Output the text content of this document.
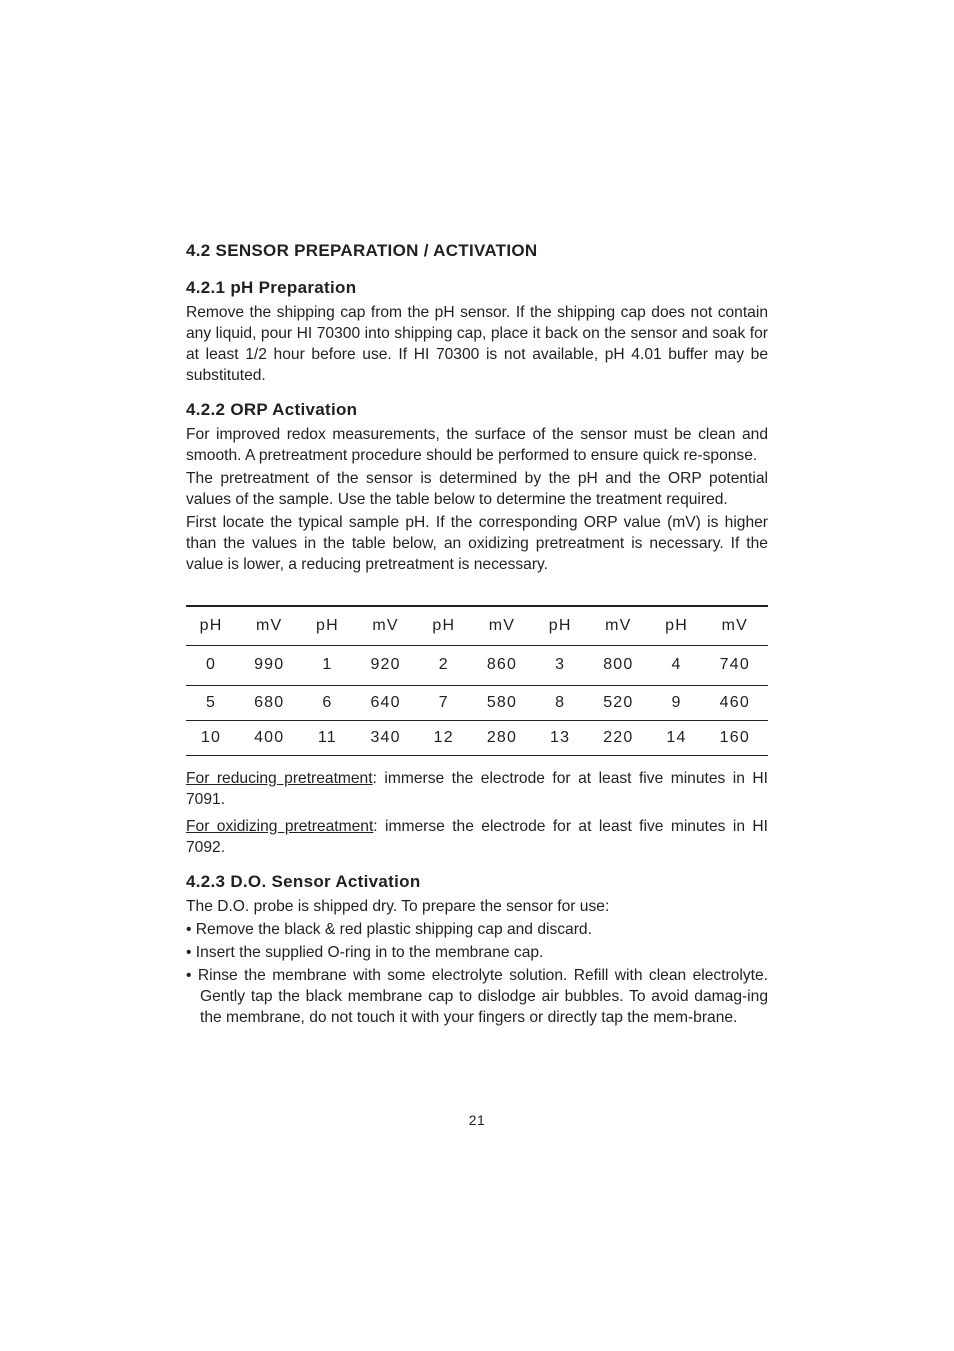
4.2 SENSOR PREPARATION / ACTIVATION
4.2.1 pH Preparation

Remove the shipping cap from the pH sensor. If the shipping cap does not contain any liquid, pour HI 70300 into shipping cap, place it back on the sensor and soak for at least 1/2 hour before use. If HI 70300 is not available, pH 4.01 buffer may be substituted.

4.2.2 ORP Activation

For improved redox measurements, the surface of the sensor must be clean and smooth. A pretreatment procedure should be performed to ensure quick re-sponse.

The pretreatment of the sensor is determined by the pH and the ORP potential values of the sample. Use the table below to determine the treatment required.

First locate the typical sample pH. If the corresponding ORP value (mV) is higher than the values in the table below, an oxidizing pretreatment is necessary. If the value is lower, a reducing pretreatment is necessary.

pH	mV	pH	mV	pH	mV	pH	mV	pH	mV
0	990	1	920	2	860	3	800	4	740
5	680	6	640	7	580	8	520	9	460
10	400	11	340	12	280	13	220	14	160

For reducing pretreatment: immerse the electrode for at least five minutes in HI 7091.

For oxidizing pretreatment: immerse the electrode for at least five minutes in HI 7092.

4.2.3 D.O. Sensor Activation

The D.O. probe is shipped dry. To prepare the sensor for use:

• Remove the black & red plastic shipping cap and discard.
• Insert the supplied O-ring in to the membrane cap.
• Rinse the membrane with some electrolyte solution. Refill with clean electrolyte. Gently tap the black membrane cap to dislodge air bubbles. To avoid damag-ing the membrane, do not touch it with your fingers or directly tap the mem-brane.
21
